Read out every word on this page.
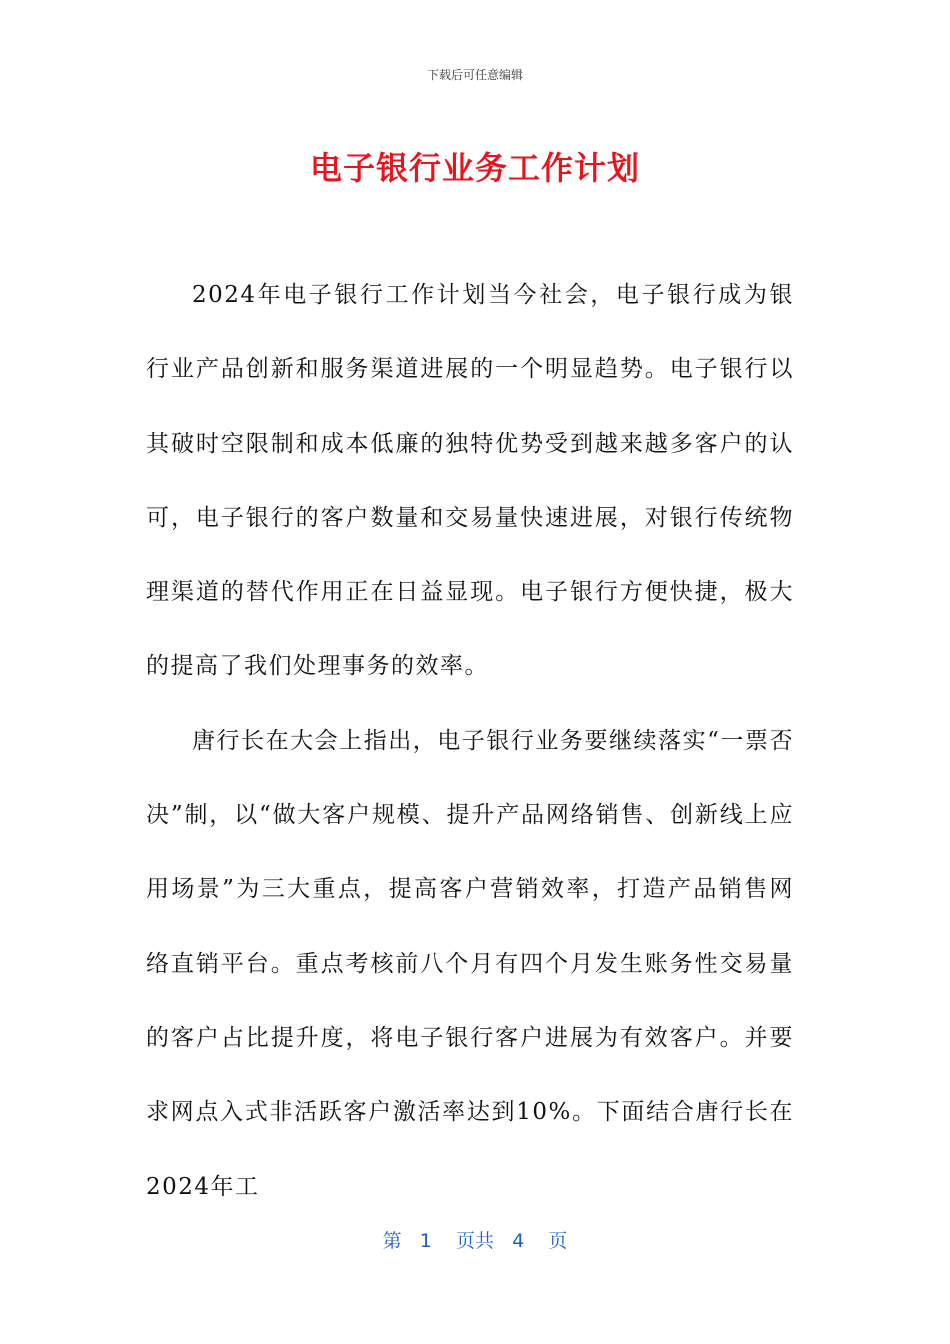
下载后可任意编辑
电子银行业务工作计划

2024年电子银行工作计划当今社会，电子银行成为银行业产品创新和服务渠道进展的一个明显趋势。电子银行以其破时空限制和成本低廉的独特优势受到越来越多客户的认可，电子银行的客户数量和交易量快速进展，对银行传统物理渠道的替代作用正在日益显现。电子银行方便快捷，极大的提高了我们处理事务的效率。

唐行长在大会上指出，电子银行业务要继续落实“一票否决”制，以“做大客户规模、提升产品网络销售、创新线上应用场景”为三大重点，提高客户营销效率，打造产品销售网络直销平台。重点考核前八个月有四个月发生账务性交易量的客户占比提升度，将电子银行客户进展为有效客户。并要求网点入式非活跃客户激活率达到10%。下面结合唐行长在2024年工

第 1 页共 4 页
